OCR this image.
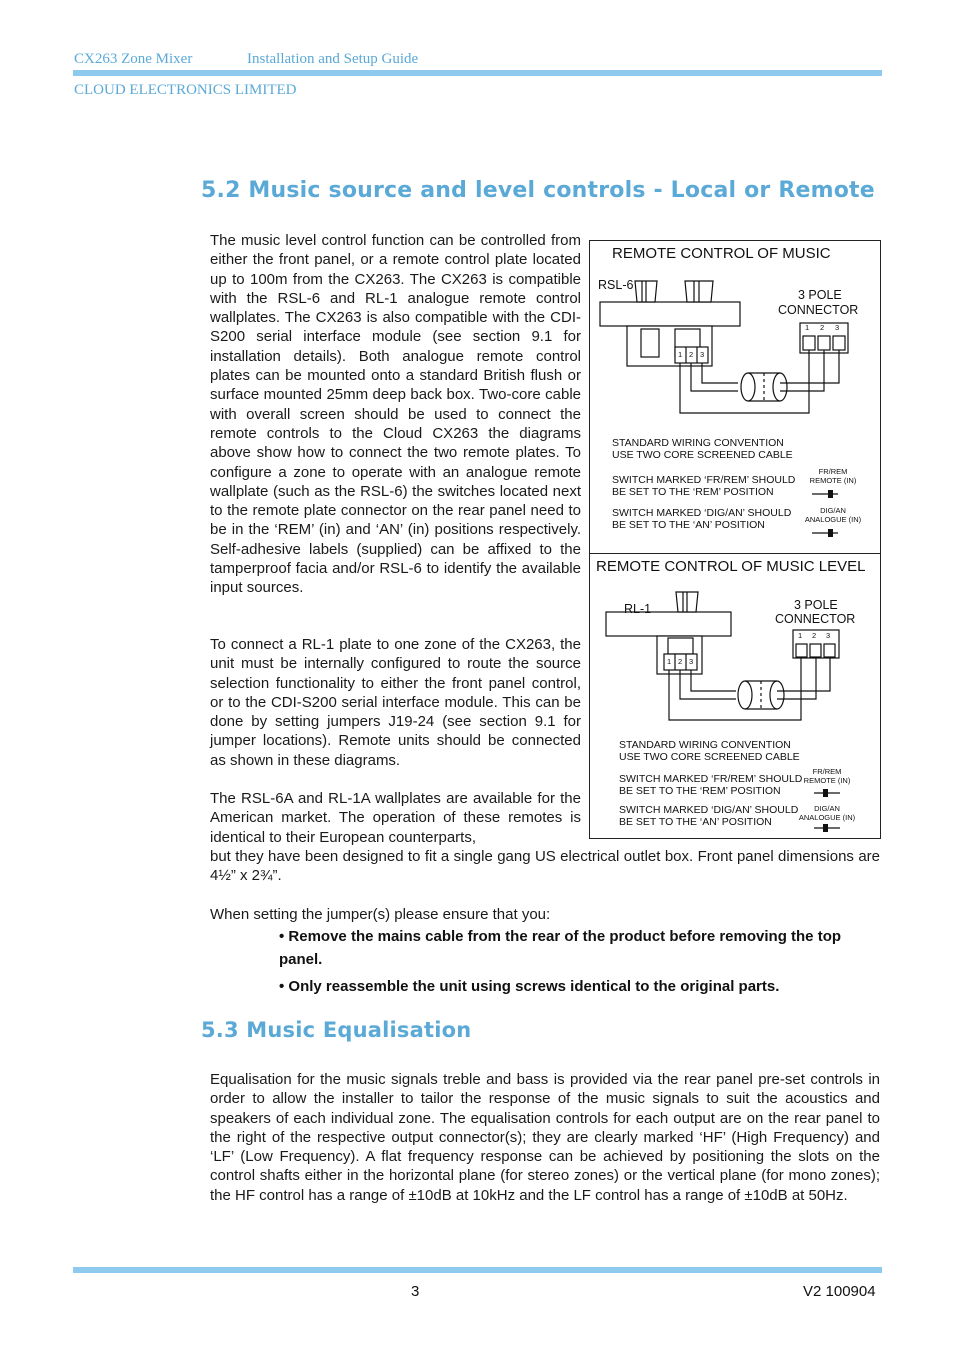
CX263 Zone Mixer	Installation and Setup Guide
CLOUD ELECTRONICS LIMITED
5.2 Music source and level controls - Local or Remote

The music level control function can be controlled from either the front panel, or a remote control plate located up to 100m from the CX263. The CX263 is compatible with the RSL-6 and RL-1 analogue remote control wallplates. The CX263 is also compatible with the CDI-S200 serial interface module (see section 9.1 for installation details). Both analogue remote control plates can be mounted onto a standard British flush or surface mounted 25mm deep back box. Two-core cable with overall screen should be used to connect the remote controls to the Cloud CX263 the diagrams above show how to connect the two remote plates. To configure a zone to operate with an analogue remote wallplate (such as the RSL-6) the switches located next to the remote plate connector on the rear panel need to be in the ‘REM’ (in) and ‘AN’ (in) positions respectively. Self-adhesive labels (supplied) can be affixed to the tamperproof facia and/or RSL-6 to identify the available input sources.

To connect a RL-1 plate to one zone of the CX263, the unit must be internally configured to route the source selection functionality to either the front panel control, or to the CDI-S200 serial interface module. This can be done by setting jumpers J19-24 (see section 9.1 for jumper locations). Remote units should be connected as shown in these diagrams.

The RSL-6A and RL-1A wallplates are available for the American market. The operation of these remotes is identical to their European counterparts,

but they have been designed to fit a single gang US electrical outlet box. Front panel dimensions are 4½” x 2¾”.

When setting the jumper(s) please ensure that you:

• Remove the mains cable from the rear of the product before removing the top panel.

• Only reassemble the unit using screws identical to the original parts.

REMOTE CONTROL OF MUSIC
RSL-6
3 POLE
CONNECTOR
1 2 3
1 2 3
STANDARD WIRING CONVENTION
USE TWO CORE SCREENED CABLE
SWITCH MARKED ‘FR/REM’ SHOULD
BE SET TO THE ‘REM’ POSITION
FR/REM
REMOTE (IN)
SWITCH MARKED ‘DIG/AN’ SHOULD
BE SET TO THE ‘AN’ POSITION
DIG/AN
ANALOGUE (IN)
REMOTE CONTROL OF MUSIC LEVEL
RL-1	3 POLE
CONNECTOR
1 2 3
1 2 3
STANDARD WIRING CONVENTION
USE TWO CORE SCREENED CABLE
SWITCH MARKED ‘FR/REM’ SHOULD
BE SET TO THE ‘REM’ POSITION
FR/REM
REMOTE (IN)
SWITCH MARKED ‘DIG/AN’ SHOULD
BE SET TO THE ‘AN’ POSITION
DIG/AN
ANALOGUE (IN)
5.3 Music Equalisation

Equalisation for the music signals treble and bass is provided via the rear panel pre-set controls in order to allow the installer to tailor the response of the music signals to suit the acoustics and speakers of each individual zone. The equalisation controls for each output are on the rear panel to the right of the respective output connector(s); they are clearly marked ‘HF’ (High Frequency) and ‘LF’ (Low Frequency). A flat frequency response can be achieved by positioning the slots on the control shafts either in the horizontal plane (for stereo zones) or the vertical plane (for mono zones); the HF control has a range of ±10dB at 10kHz and the LF control has a range of ±10dB at 50Hz.

3	V2 100904
